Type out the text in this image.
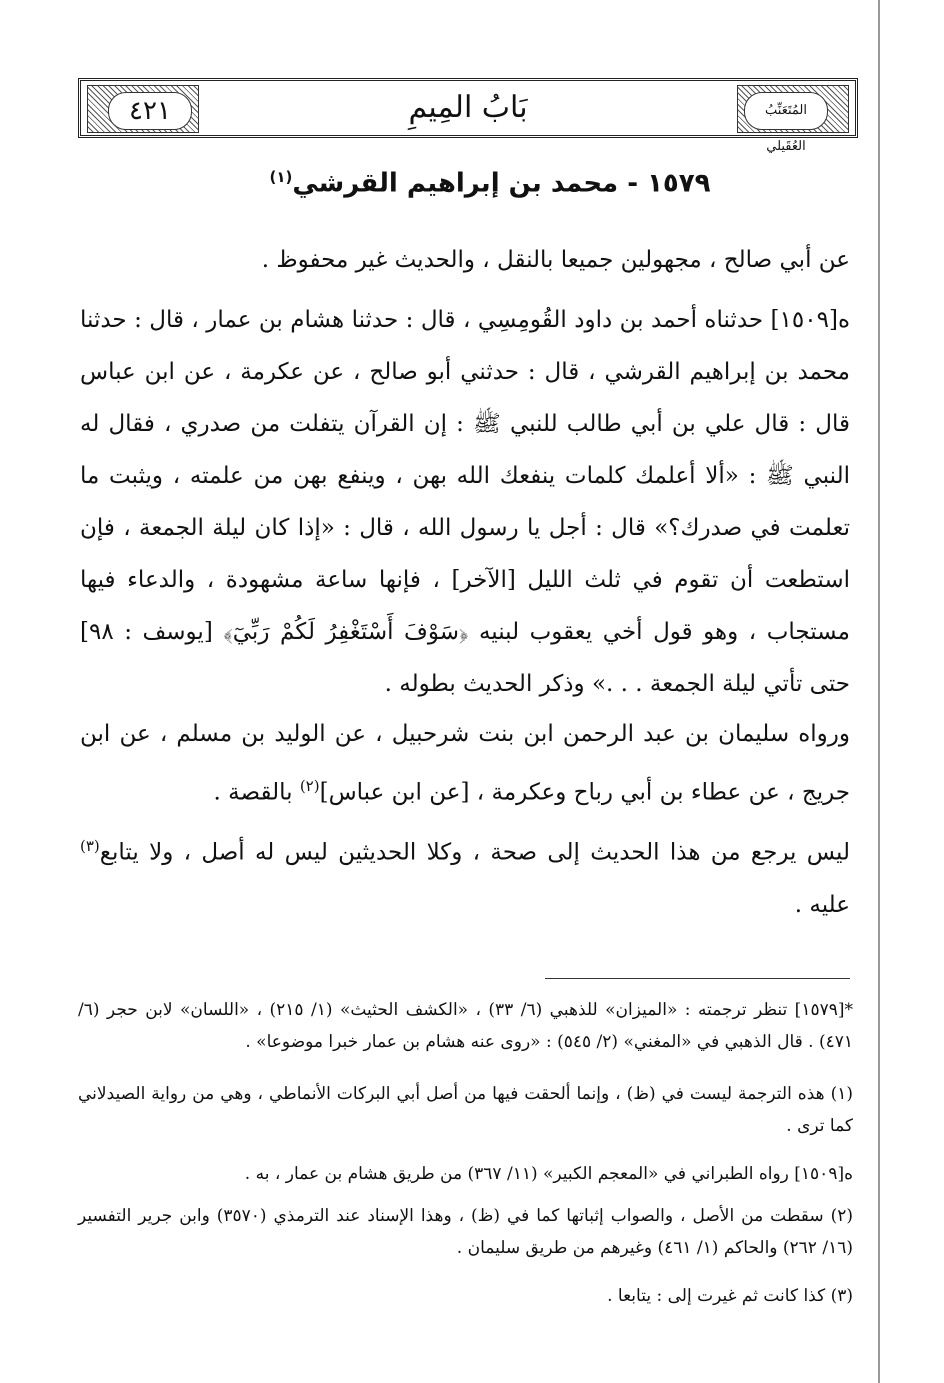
٤٢١	بَابُ المِيمِ	المُتَعَنِّبُ العُقَيلي
١٥٧٩ - محمد بن إبراهيم القرشي$^{(١)}$
عن أبي صالح ، مجهولين جميعا بالنقل ، والحديث غير محفوظ .
ه[١٥٠٩] حدثناه أحمد بن داود القُومِسِي ، قال : حدثنا هشام بن عمار ، قال : حدثنا محمد بن إبراهيم القرشي ، قال : حدثني أبو صالح ، عن عكرمة ، عن ابن عباس قال : قال علي بن أبي طالب للنبي ﷺ : إن القرآن يتفلت من صدري ، فقال له النبي ﷺ : «ألا أعلمك كلمات ينفعك الله بهن ، وينفع بهن من علمته ، ويثبت ما تعلمت في صدرك؟» قال : أجل يا رسول الله ، قال : «إذا كان ليلة الجمعة ، فإن استطعت أن تقوم في ثلث الليل [الآخر] ، فإنها ساعة مشهودة ، والدعاء فيها مستجاب ، وهو قول أخي يعقوب لبنيه ﴿سَوْفَ أَسْتَغْفِرُ لَكُمْ رَبِّيٓ﴾ [يوسف : ٩٨] حتى تأتي ليلة الجمعة . . .» وذكر الحديث بطوله .
ورواه سليمان بن عبد الرحمن ابن بنت شرحبيل ، عن الوليد بن مسلم ، عن ابن جريج ، عن عطاء بن أبي رباح وعكرمة ، [عن ابن عباس]$^{(٢)}$ بالقصة .
ليس يرجع من هذا الحديث إلى صحة ، وكلا الحديثين ليس له أصل ، ولا يتابع$^{(٣)}$ عليه .
*[١٥٧٩] تنظر ترجمته : «الميزان» للذهبي (٦/ ٣٣) ، «الكشف الحثيث» (١/ ٢١٥) ، «اللسان» لابن حجر (٦/ ٤٧١) . قال الذهبي في «المغني» (٢/ ٥٤٥) : «روى عنه هشام بن عمار خبرا موضوعا» .
(١) هذه الترجمة ليست في (ظ) ، وإنما ألحقت فيها من أصل أبي البركات الأنماطي ، وهي من رواية الصيدلاني كما ترى .
ه[١٥٠٩] رواه الطبراني في «المعجم الكبير» (١١/ ٣٦٧) من طريق هشام بن عمار ، به .
(٢) سقطت من الأصل ، والصواب إثباتها كما في (ظ) ، وهذا الإسناد عند الترمذي (٣٥٧٠) وابن جرير التفسير (١٦/ ٢٦٢) والحاكم (١/ ٤٦١) وغيرهم من طريق سليمان .
(٣) كذا كانت ثم غيرت إلى : يتابعا .
